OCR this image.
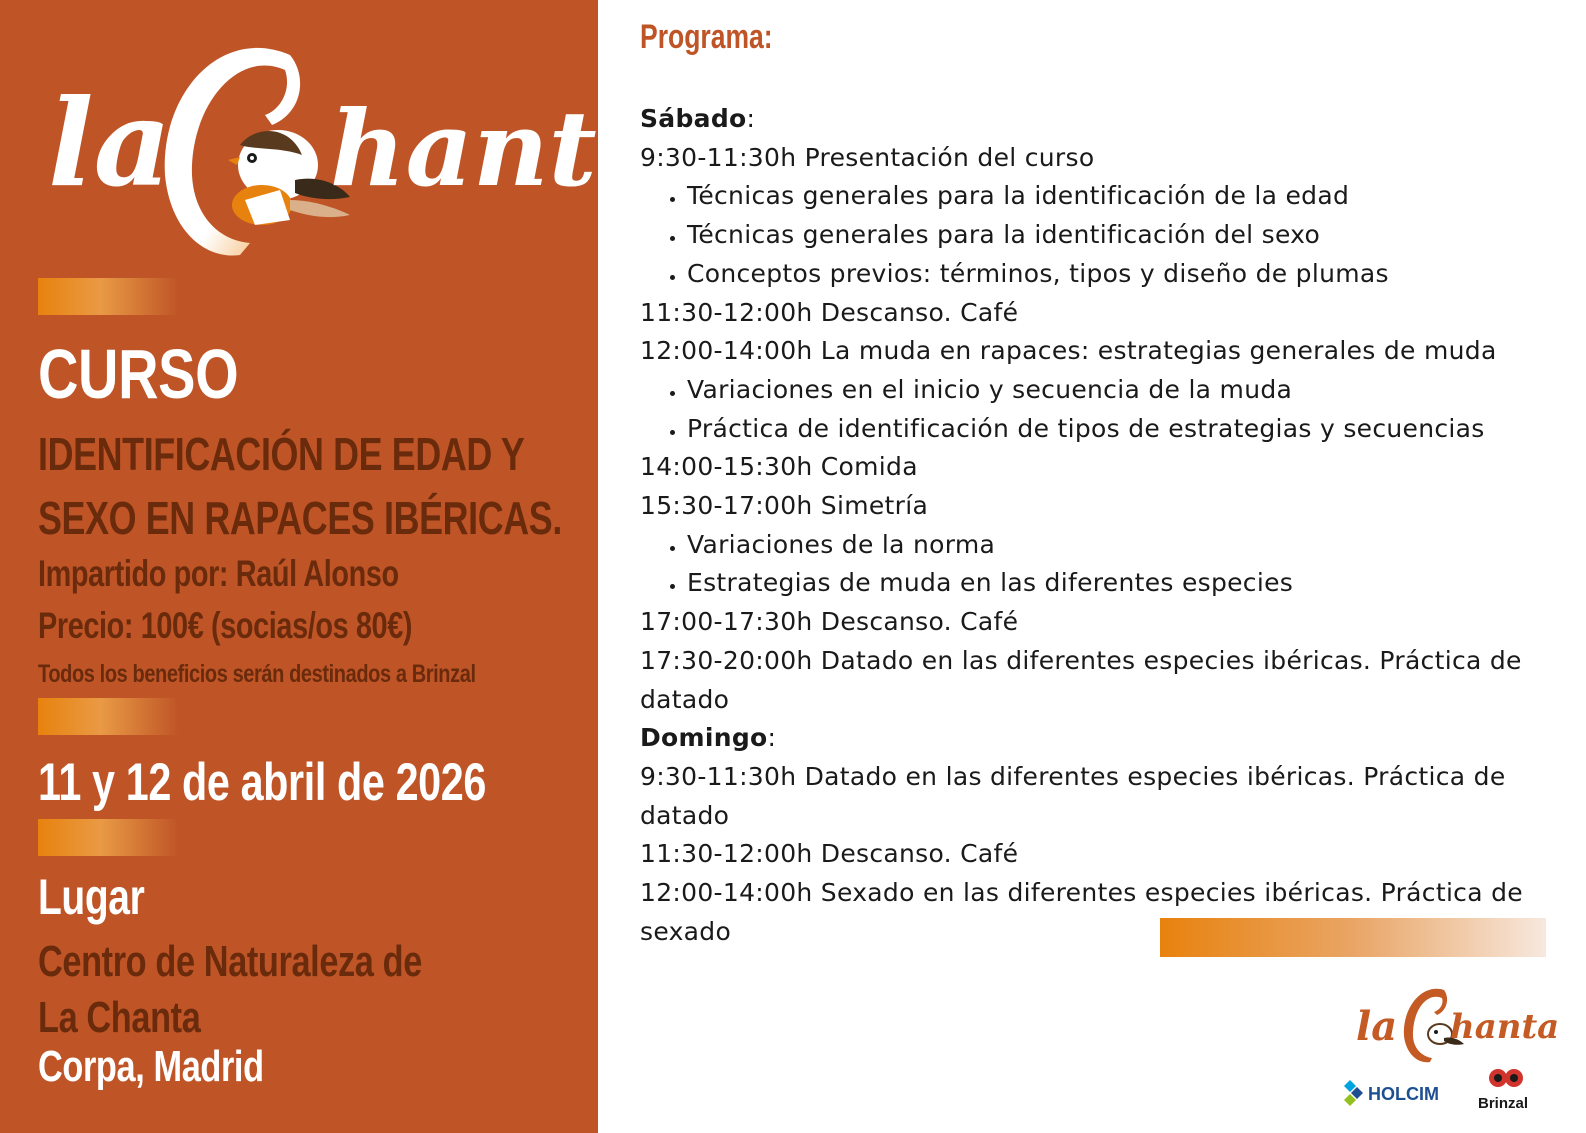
la hanta
CURSO
IDENTIFICACIÓN DE EDAD Y
SEXO EN RAPACES IBÉRICAS.
Impartido por: Raúl Alonso
Precio: 100€ (socias/os 80€)
Todos los beneficios serán destinados a Brinzal
11 y 12 de abril de 2026
Lugar
Centro de Naturaleza de
La Chanta
Corpa, Madrid
Programa:

Sábado:

9:30-11:30h Presentación del curso

• Técnicas generales para la identificación de la edad
• Técnicas generales para la identificación del sexo
• Conceptos previos: términos, tipos y diseño de plumas

11:30-12:00h Descanso. Café

12:00-14:00h La muda en rapaces: estrategias generales de muda

• Variaciones en el inicio y secuencia de la muda
• Práctica de identificación de tipos de estrategias y secuencias

14:00-15:30h Comida

15:30-17:00h Simetría

• Variaciones de la norma
• Estrategias de muda en las diferentes especies

17:00-17:30h Descanso. Café

17:30-20:00h Datado en las diferentes especies ibéricas. Práctica de datado

Domingo:

9:30-11:30h Datado en las diferentes especies ibéricas. Práctica de datado

11:30-12:00h Descanso. Café

12:00-14:00h Sexado en las diferentes especies ibéricas. Práctica de sexado

la hanta
HOLCIM	Brinzal
